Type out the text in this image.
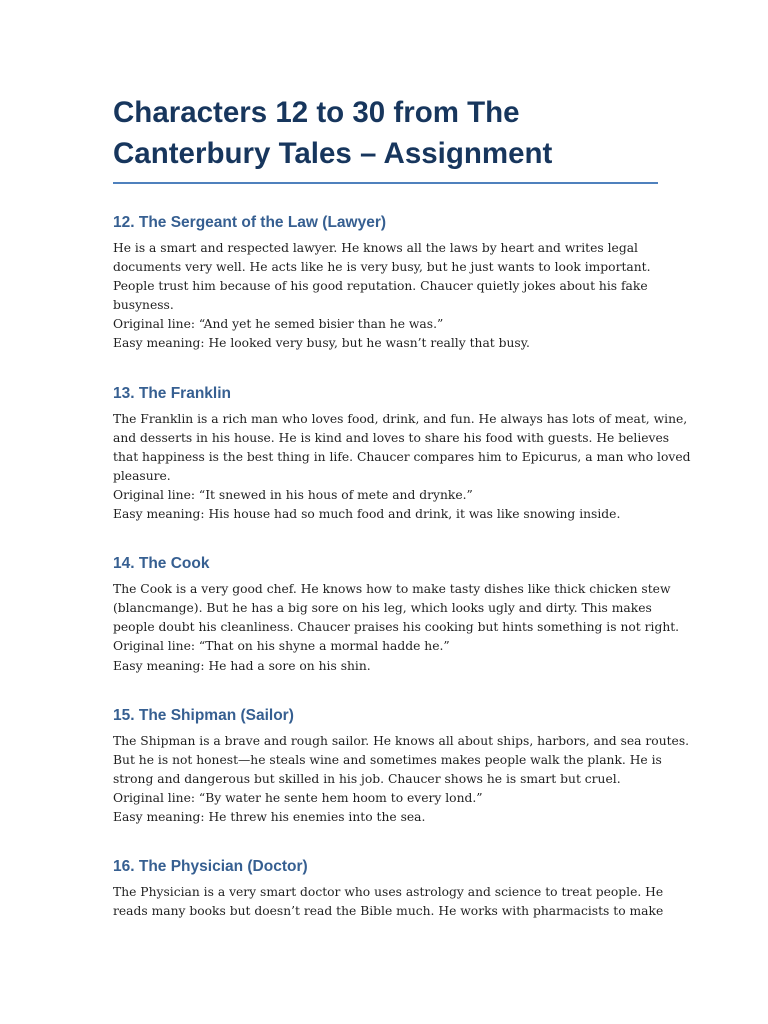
Characters 12 to 30 from The
Canterbury Tales – Assignment
12. The Sergeant of the Law (Lawyer)

He is a smart and respected lawyer. He knows all the laws by heart and writes legal
documents very well. He acts like he is very busy, but he just wants to look important.
People trust him because of his good reputation. Chaucer quietly jokes about his fake
busyness.
Original line: “And yet he semed bisier than he was.”
Easy meaning: He looked very busy, but he wasn’t really that busy.

13. The Franklin

The Franklin is a rich man who loves food, drink, and fun. He always has lots of meat, wine,
and desserts in his house. He is kind and loves to share his food with guests. He believes
that happiness is the best thing in life. Chaucer compares him to Epicurus, a man who loved
pleasure.
Original line: “It snewed in his hous of mete and drynke.”
Easy meaning: His house had so much food and drink, it was like snowing inside.

14. The Cook

The Cook is a very good chef. He knows how to make tasty dishes like thick chicken stew
(blancmange). But he has a big sore on his leg, which looks ugly and dirty. This makes
people doubt his cleanliness. Chaucer praises his cooking but hints something is not right.
Original line: “That on his shyne a mormal hadde he.”
Easy meaning: He had a sore on his shin.

15. The Shipman (Sailor)

The Shipman is a brave and rough sailor. He knows all about ships, harbors, and sea routes.
But he is not honest—he steals wine and sometimes makes people walk the plank. He is
strong and dangerous but skilled in his job. Chaucer shows he is smart but cruel.
Original line: “By water he sente hem hoom to every lond.”
Easy meaning: He threw his enemies into the sea.

16. The Physician (Doctor)

The Physician is a very smart doctor who uses astrology and science to treat people. He
reads many books but doesn’t read the Bible much. He works with pharmacists to make
